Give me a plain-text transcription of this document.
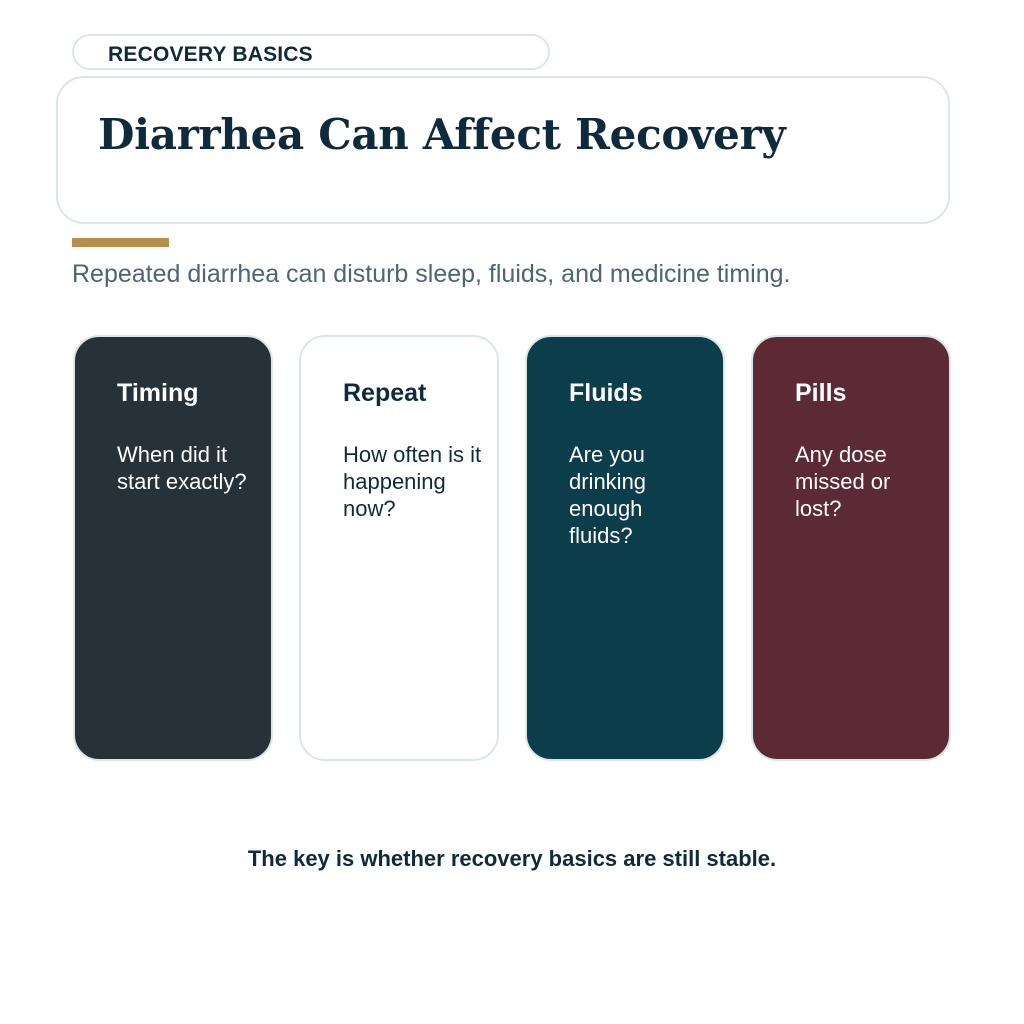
RECOVERY BASICS
Diarrhea Can Affect Recovery
Repeated diarrhea can disturb sleep, fluids, and medicine timing.
Timing
When did it start exactly?
Repeat
How often is it happening now?
Fluids
Are you drinking enough fluids?
Pills
Any dose missed or lost?
The key is whether recovery basics are still stable.
